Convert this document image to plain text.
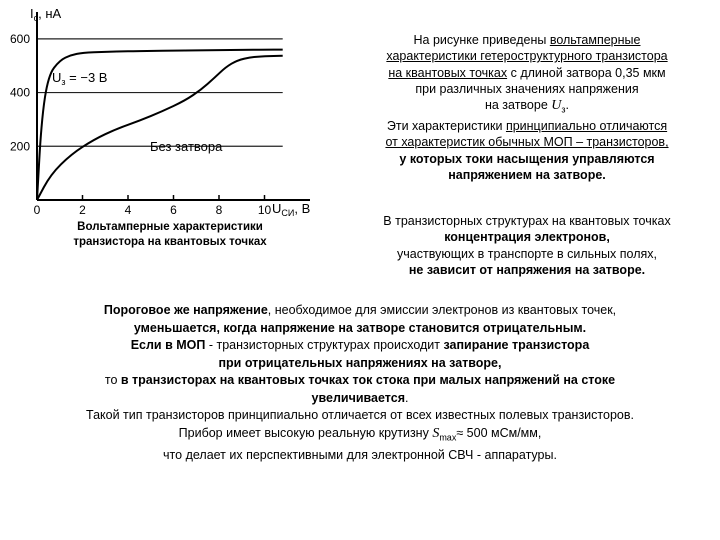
600
400
200
0	2	4	6	8	10
$I_c$, нА
$U_{СИ}$, В
$U_з = -3$ В
Без затвора

Вольтамперные характеристики

транзистора на квантовых точках

На рисунке приведены вольтамперные

характеристики гетероструктурного транзистора

на квантовых точках с длиной затвора 0,35 мкм

при различных значениях напряжения

на затворе $U_з$.

Эти характеристики принципиально отличаются

от характеристик обычных МОП – транзисторов,

у которых токи насыщения управляются

напряжением на затворе.

В транзисторных структурах на квантовых точках

концентрация электронов,

участвующих в транспорте в сильных полях,

не зависит от напряжения на затворе.

Пороговое же напряжение, необходимое для эмиссии электронов из квантовых точек,

уменьшается, когда напряжение на затворе становится отрицательным.

Если в МОП - транзисторных структурах происходит запирание транзистора

при отрицательных напряжениях на затворе,

то в транзисторах на квантовых точках ток стока при малых напряжений на стоке

увеличивается.

Такой тип транзисторов принципиально отличается от всех известных полевых транзисторов.

Прибор имеет высокую реальную крутизну $S_{max}\approx 500$ мСм/мм,

что делает их перспективными для электронной СВЧ - аппаратуры.
